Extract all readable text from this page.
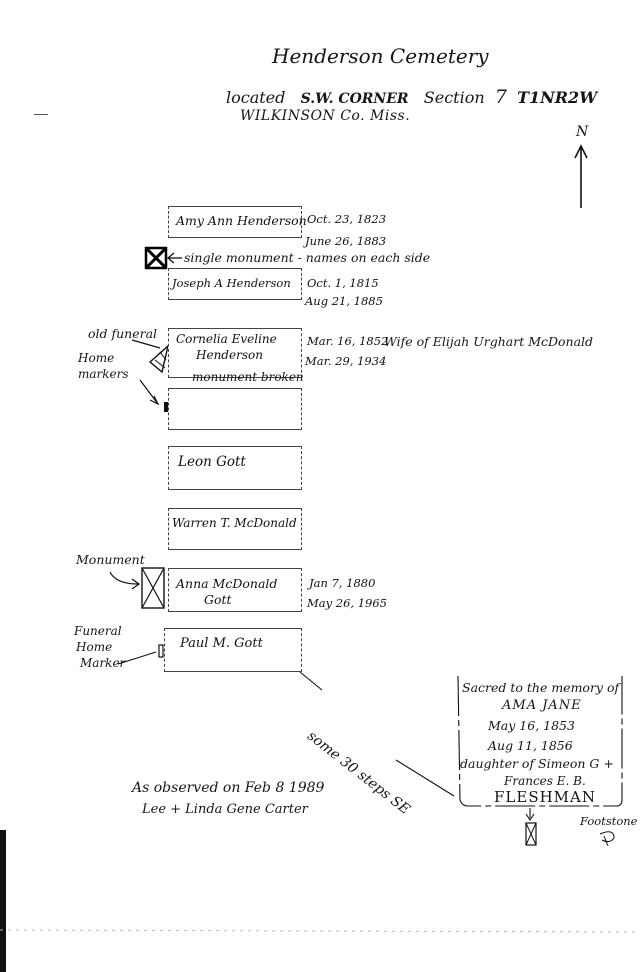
Henderson Cemetery
located S.W. CORNER Section 7 T1NR2W
WILKINSON Co. Miss.
N
Amy Ann Henderson Oct. 23, 1823
June 26, 1883
single monument - names on each side
Joseph A Henderson Oct. 1, 1815
Aug 21, 1885
Cornelia Eveline
Henderson
Mar. 16, 1852
Mar. 29, 1934
Wife of Elijah Urghart McDonald
old funeral
Home markers	monument broken
Leon Gott
Warren T. McDonald
Monument
Anna McDonald
Gott
Jan 7, 1880
May 26, 1965
Funeral
Home
Marker
Paul M. Gott
some 30 steps SE
Sacred to the memory of
AMA JANE
May 16, 1853
Aug 11, 1856
daughter of Simeon G +
Frances E. B.
FLESHMAN
Footstone
As observed on Feb 8 1989
Lee + Linda Gene Carter
